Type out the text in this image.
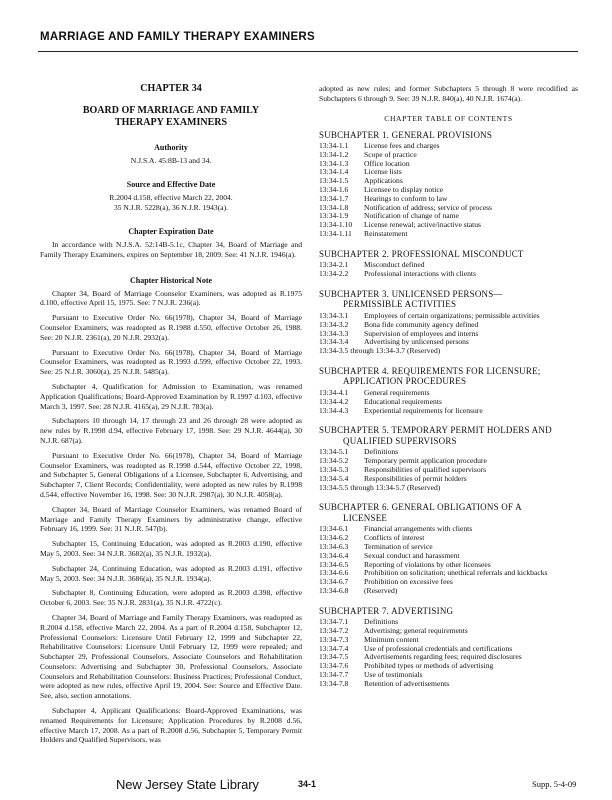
MARRIAGE AND FAMILY THERAPY EXAMINERS
CHAPTER 34
BOARD OF MARRIAGE AND FAMILY
THERAPY EXAMINERS
Authority
N.J.S.A. 45:8B-13 and 34.
Source and Effective Date
R.2004 d.158, effective March 22, 2004.
35 N.J.R. 5228(a), 36 N.J.R. 1943(a).
Chapter Expiration Date

In accordance with N.J.S.A. 52:14B-5.1c, Chapter 34, Board of Marriage and Family Therapy Examiners, expires on September 18, 2009. See: 41 N.J.R. 1946(a).

Chapter Historical Note

Chapter 34, Board of Marriage Counselor Examiners, was adopted as R.1975 d.100, effective April 15, 1975. See: 7 N.J.R. 236(a).

Pursuant to Executive Order No. 66(1978), Chapter 34, Board of Marriage Counselor Examiners, was readopted as R.1988 d.550, effective October 26, 1988. See: 20 N.J.R. 2361(a), 20 N.J.R. 2932(a).

Pursuant to Executive Order No. 66(1978), Chapter 34, Board of Marriage Counselor Examiners, was readopted as R.1993 d.599, effective October 22, 1993. See: 25 N.J.R. 3060(a), 25 N.J.R. 5485(a).

Subchapter 4, Qualification for Admission to Examination, was renamed Application Qualifications; Board-Approved Examination by R.1997 d.103, effective March 3, 1997. See: 28 N.J.R. 4165(a), 29 N.J.R. 783(a).

Subchapters 10 through 14, 17 through 23 and 26 through 28 were adopted as new rules by R.1998 d.94, effective February 17, 1998. See: 29 N.J.R. 4644(a), 30 N.J.R. 687(a).

Pursuant to Executive Order No. 66(1978), Chapter 34, Board of Marriage Counselor Examiners, was readopted as R.1998 d.544, effective October 22, 1998, and Subchapter 5, General Obligations of a Licensee, Subchapter 6, Advertising, and Subchapter 7, Client Records; Confidentiality, were adopted as new rules by R.1998 d.544, effective November 16, 1998. See: 30 N.J.R. 2987(a), 30 N.J.R. 4058(a).

Chapter 34, Board of Marriage Counselor Examiners, was renamed Board of Marriage and Family Therapy Examiners by administrative change, effective February 16, 1999. See: 31 N.J.R. 547(b).

Subchapter 15, Continuing Education, was adopted as R.2003 d.190, effective May 5, 2003. See: 34 N.J.R. 3682(a), 35 N.J.R. 1932(a).

Subchapter 24, Continuing Education, was adopted as R.2003 d.191, effective May 5, 2003. See: 34 N.J.R. 3686(a), 35 N.J.R. 1934(a).

Subchapter 8, Continuing Education, were adopted as R.2003 d.398, effective October 6, 2003. See: 35 N.J.R. 2831(a), 35 N.J.R. 4722(c).

Chapter 34, Board of Marriage and Family Therapy Examiners, was readopted as R.2004 d.158, effective March 22, 2004. As a part of R.2004 d.158, Subchapter 12, Professional Counselors: Licensure Until February 12, 1999 and Subchapter 22, Rehabilitative Counselors: Licensure Until February 12, 1999 were repealed; and Subchapter 29, Professional Counselors, Associate Counselors and Rehabilitation Counselors: Advertising and Subchapter 30, Professional Counselors, Associate Counselors and Rehabilitation Counselors: Business Practices; Professional Conduct, were adopted as new rules, effective April 19, 2004. See: Source and Effective Date. See, also, section annotations.

Subchapter 4, Applicant Qualifications: Board-Approved Examinations, was renamed Requirements for Licensure; Application Procedures by R.2008 d.56, effective March 17, 2008. As a part of R.2008 d.56, Subchapter 5, Temporary Permit Holders and Qualified Supervisors, was

adopted as new rules; and former Subchapters 5 through 8 were recodified as Subchapters 6 through 9. See: 39 N.J.R. 840(a), 40 N.J.R. 1674(a).

CHAPTER TABLE OF CONTENTS
SUBCHAPTER 1. GENERAL PROVISIONS
13:34-1.1	License fees and charges
13:34-1.2	Scope of practice
13:34-1.3	Office location
13:34-1.4	License lists
13:34-1.5	Applications
13:34-1.6	Licensee to display notice
13:34-1.7	Hearings to conform to law
13:34-1.8	Notification of address; service of process
13:34-1.9	Notification of change of name
13:34-1.10	License renewal; active/inactive status
13:34-1.11	Reinstatement
SUBCHAPTER 2. PROFESSIONAL MISCONDUCT
13:34-2.1	Misconduct defined
13:34-2.2	Professional interactions with clients
SUBCHAPTER 3. UNLICENSED PERSONS—
PERMISSIBLE ACTIVITIES
13:34-3.1	Employees of certain organizations; permissible activities
13:34-3.2	Bona fide community agency defined
13:34-3.3	Supervision of employees and interns
13:34-3.4	Advertising by unlicensed persons
13:34-3.5 through 13:34-3.7 (Reserved)
SUBCHAPTER 4. REQUIREMENTS FOR LICENSURE;
APPLICATION PROCEDURES
13:34-4.1	General requirements
13:34-4.2	Educational requirements
13:34-4.3	Experiential requirements for licensure
SUBCHAPTER 5. TEMPORARY PERMIT HOLDERS AND
QUALIFIED SUPERVISORS
13:34-5.1	Definitions
13:34-5.2	Temporary permit application procedure
13:34-5.3	Responsibilities of qualified supervisors
13:34-5.4	Responsibilities of permit holders
13:34-5.5 through 13:34-5.7 (Reserved)
SUBCHAPTER 6. GENERAL OBLIGATIONS OF A
LICENSEE
13:34-6.1	Financial arrangements with clients
13:34-6.2	Conflicts of interest
13:34-6.3	Termination of service
13:34-6.4	Sexual conduct and harassment
13:34-6.5	Reporting of violations by other licensees
13:34-6.6	Prohibition on solicitation; unethical referrals and kickbacks
13:34-6.7	Prohibition on excessive fees
13:34-6.8	(Reserved)
SUBCHAPTER 7. ADVERTISING
13:34-7.1	Definitions
13:34-7.2	Advertising; general requirements
13:34-7.3	Minimum content
13:34-7.4	Use of professional credentials and certifications
13:34-7.5	Advertisements regarding fees; required disclosures
13:34-7.6	Prohibited types or methods of advertising
13:34-7.7	Use of testimonials
13:34-7.8	Retention of advertisements
New Jersey State Library	34-1	Supp. 5-4-09
